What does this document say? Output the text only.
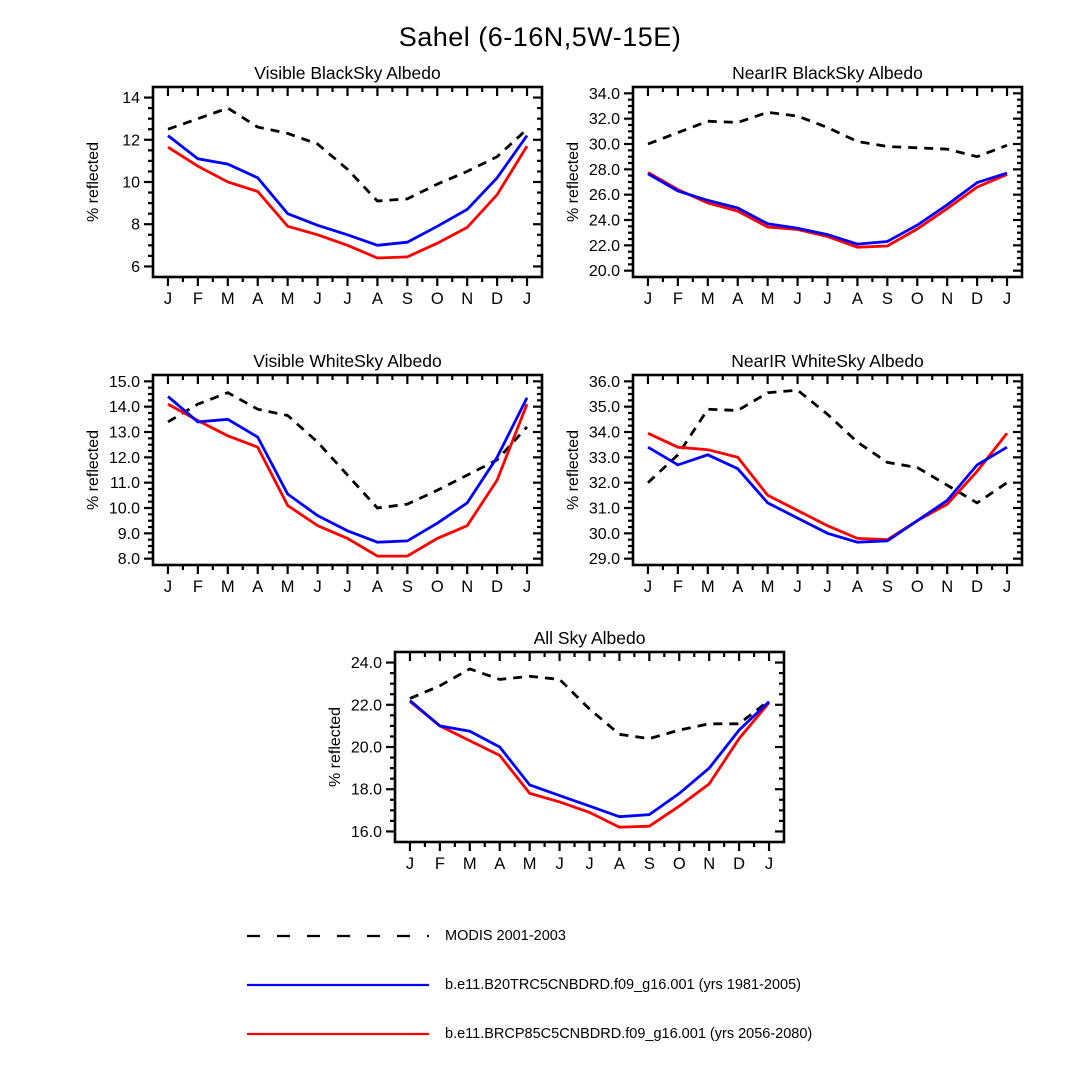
Sahel (6-16N,5W-15E)
Visible BlackSky Albedo
% reflected
J F M A M J J A S O N D J
6
8
10
12
14
NearIR BlackSky Albedo
% reflected
J F M A M J J A S O N D J
20.0
22.0
24.0
26.0
28.0
30.0
32.0
34.0
Visible WhiteSky Albedo
% reflected
J F M A M J J A S O N D J
8.0
9.0
10.0
11.0
12.0
13.0
14.0
15.0
NearIR WhiteSky Albedo
% reflected
J F M A M J J A S O N D J
29.0
30.0
31.0
32.0
33.0
34.0
35.0
36.0
All Sky Albedo
% reflected
J F M A M J J A S O N D J
16.0
18.0
20.0
22.0
24.0
MODIS 2001-2003
b.e11.B20TRC5CNBDRD.f09_g16.001 (yrs 1981-2005)
b.e11.BRCP85C5CNBDRD.f09_g16.001 (yrs 2056-2080)
